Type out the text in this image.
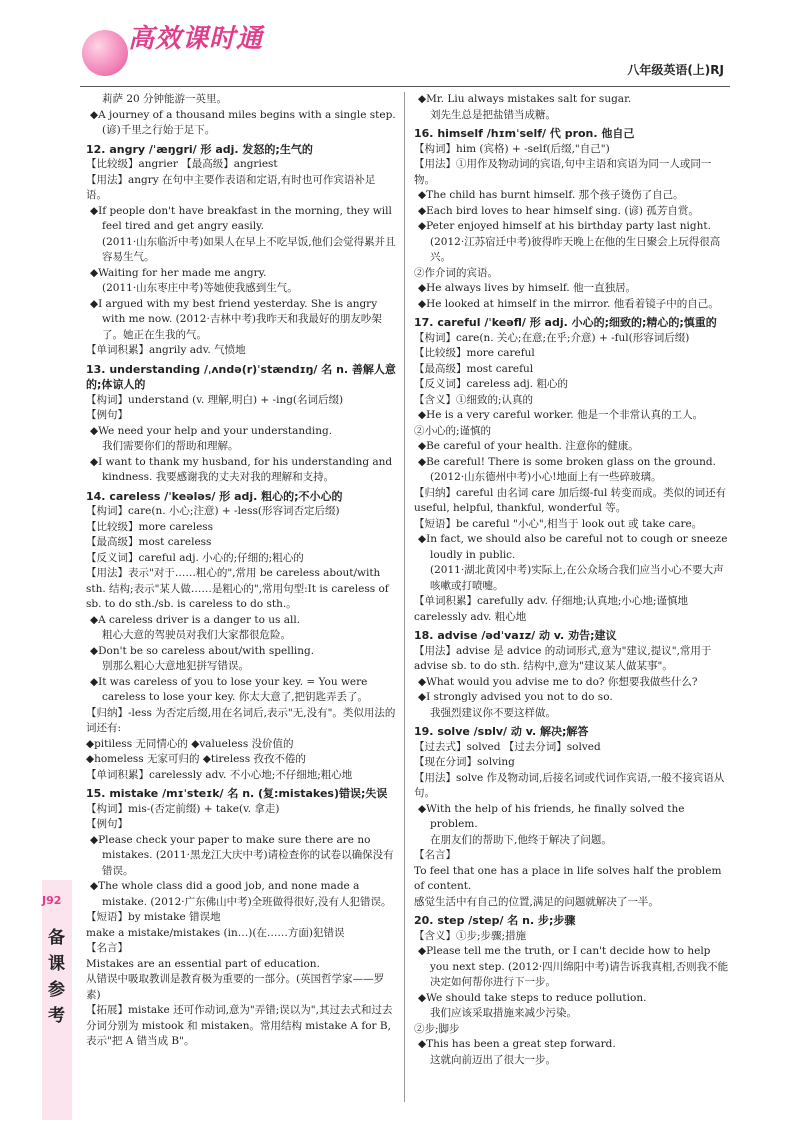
高效课时通
八年级英语(上)RJ

莉萨 20 分钟能游一英里。

◆A journey of a thousand miles begins with a single step.

(谚)千里之行始于足下。

12. angry /ˈæŋgri/ 形 adj. 发怒的;生气的

【比较级】angrier 【最高级】angriest

【用法】angry 在句中主要作表语和定语,有时也可作宾语补足语。

◆If people don't have breakfast in the morning, they will feel tired and get angry easily.

(2011·山东临沂中考)如果人在早上不吃早饭,他们会觉得累并且容易生气。

◆Waiting for her made me angry.

(2011·山东枣庄中考)等她使我感到生气。

◆I argued with my best friend yesterday. She is angry with me now. (2012·吉林中考)我昨天和我最好的朋友吵架了。她正在生我的气。

【单词积累】angrily adv. 气愤地

13. understanding /ˌʌndə(r)ˈstændɪŋ/ 名 n. 善解人意的;体谅人的

【构词】understand (v. 理解,明白) + -ing(名词后缀)

【例句】

◆We need your help and your understanding.

我们需要你们的帮助和理解。

◆I want to thank my husband, for his understanding and kindness. 我要感谢我的丈夫对我的理解和支持。

14. careless /ˈkeələs/ 形 adj. 粗心的;不小心的

【构词】care(n. 小心;注意) + -less(形容词否定后缀)

【比较级】more careless

【最高级】most careless

【反义词】careful adj. 小心的;仔细的;粗心的

【用法】表示"对于……粗心的",常用 be careless about/with sth. 结构;表示"某人做……是粗心的",常用句型:It is careless of sb. to do sth./sb. is careless to do sth.。

◆A careless driver is a danger to us all.

粗心大意的驾驶员对我们大家都很危险。

◆Don't be so careless about/with spelling.

别那么粗心大意地犯拼写错误。

◆It was careless of you to lose your key. = You were careless to lose your key. 你太大意了,把钥匙弄丢了。

【归纳】-less 为否定后缀,用在名词后,表示"无,没有"。类似用法的词还有:

◆pitiless 无同情心的 ◆valueless 没价值的

◆homeless 无家可归的 ◆tireless 孜孜不倦的

【单词积累】carelessly adv. 不小心地;不仔细地;粗心地

15. mistake /mɪˈsteɪk/ 名 n. (复:mistakes)错误;失误

【构词】mis-(否定前缀) + take(v. 拿走)

【例句】

◆Please check your paper to make sure there are no mistakes. (2011·黑龙江大庆中考)请检查你的试卷以确保没有错误。

◆The whole class did a good job, and none made a mistake. (2012·广东佛山中考)全班做得很好,没有人犯错误。

【短语】by mistake 错误地

make a mistake/mistakes (in…)(在……方面)犯错误

【名言】

Mistakes are an essential part of education.

从错误中吸取教训是教育极为重要的一部分。(英国哲学家——罗素)

【拓展】mistake 还可作动词,意为"弄错;误以为",其过去式和过去分词分别为 mistook 和 mistaken。常用结构 mistake A for B,表示"把 A 错当成 B"。

◆Mr. Liu always mistakes salt for sugar.

刘先生总是把盐错当成糖。

16. himself /hɪmˈself/ 代 pron. 他自己

【构词】him (宾格) + -self(后缀,"自己")

【用法】①用作及物动词的宾语,句中主语和宾语为同一人或同一物。

◆The child has burnt himself. 那个孩子烫伤了自己。

◆Each bird loves to hear himself sing. (谚) 孤芳自赏。

◆Peter enjoyed himself at his birthday party last night. (2012·江苏宿迁中考)彼得昨天晚上在他的生日聚会上玩得很高兴。

②作介词的宾语。

◆He always lives by himself. 他一直独居。

◆He looked at himself in the mirror. 他看着镜子中的自己。

17. careful /ˈkeəfl/ 形 adj. 小心的;细致的;精心的;慎重的

【构词】care(n. 关心;在意;在乎;介意) + -ful(形容词后缀)

【比较级】more careful

【最高级】most careful

【反义词】careless adj. 粗心的

【含义】①细致的;认真的

◆He is a very careful worker. 他是一个非常认真的工人。

②小心的;谨慎的

◆Be careful of your health. 注意你的健康。

◆Be careful! There is some broken glass on the ground. (2012·山东德州中考)小心!地面上有一些碎玻璃。

【归纳】careful 由名词 care 加后缀-ful 转变而成。类似的词还有 useful, helpful, thankful, wonderful 等。

【短语】be careful "小心",相当于 look out 或 take care。

◆In fact, we should also be careful not to cough or sneeze loudly in public.

(2011·湖北黄冈中考)实际上,在公众场合我们应当小心不要大声咳嗽或打喷嚏。

【单词积累】carefully adv. 仔细地;认真地;小心地;谨慎地

carelessly adv. 粗心地

18. advise /ədˈvaɪz/ 动 v. 劝告;建议

【用法】advise 是 advice 的动词形式,意为"建议,提议",常用于 advise sb. to do sth. 结构中,意为"建议某人做某事"。

◆What would you advise me to do? 你想要我做些什么?

◆I strongly advised you not to do so.

我强烈建议你不要这样做。

19. solve /sɒlv/ 动 v. 解决;解答

【过去式】solved 【过去分词】solved

【现在分词】solving

【用法】solve 作及物动词,后接名词或代词作宾语,一般不接宾语从句。

◆With the help of his friends, he finally solved the problem.

在朋友们的帮助下,他终于解决了问题。

【名言】

To feel that one has a place in life solves half the problem of content.

感觉生活中有自己的位置,满足的问题就解决了一半。

20. step /step/ 名 n. 步;步骤

【含义】①步;步骤;措施

◆Please tell me the truth, or I can't decide how to help you next step. (2012·四川绵阳中考)请告诉我真相,否则我不能决定如何帮你进行下一步。

◆We should take steps to reduce pollution.

我们应该采取措施来减少污染。

②步;脚步

◆This has been a great step forward.

这就向前迈出了很大一步。

J92
备课参考
